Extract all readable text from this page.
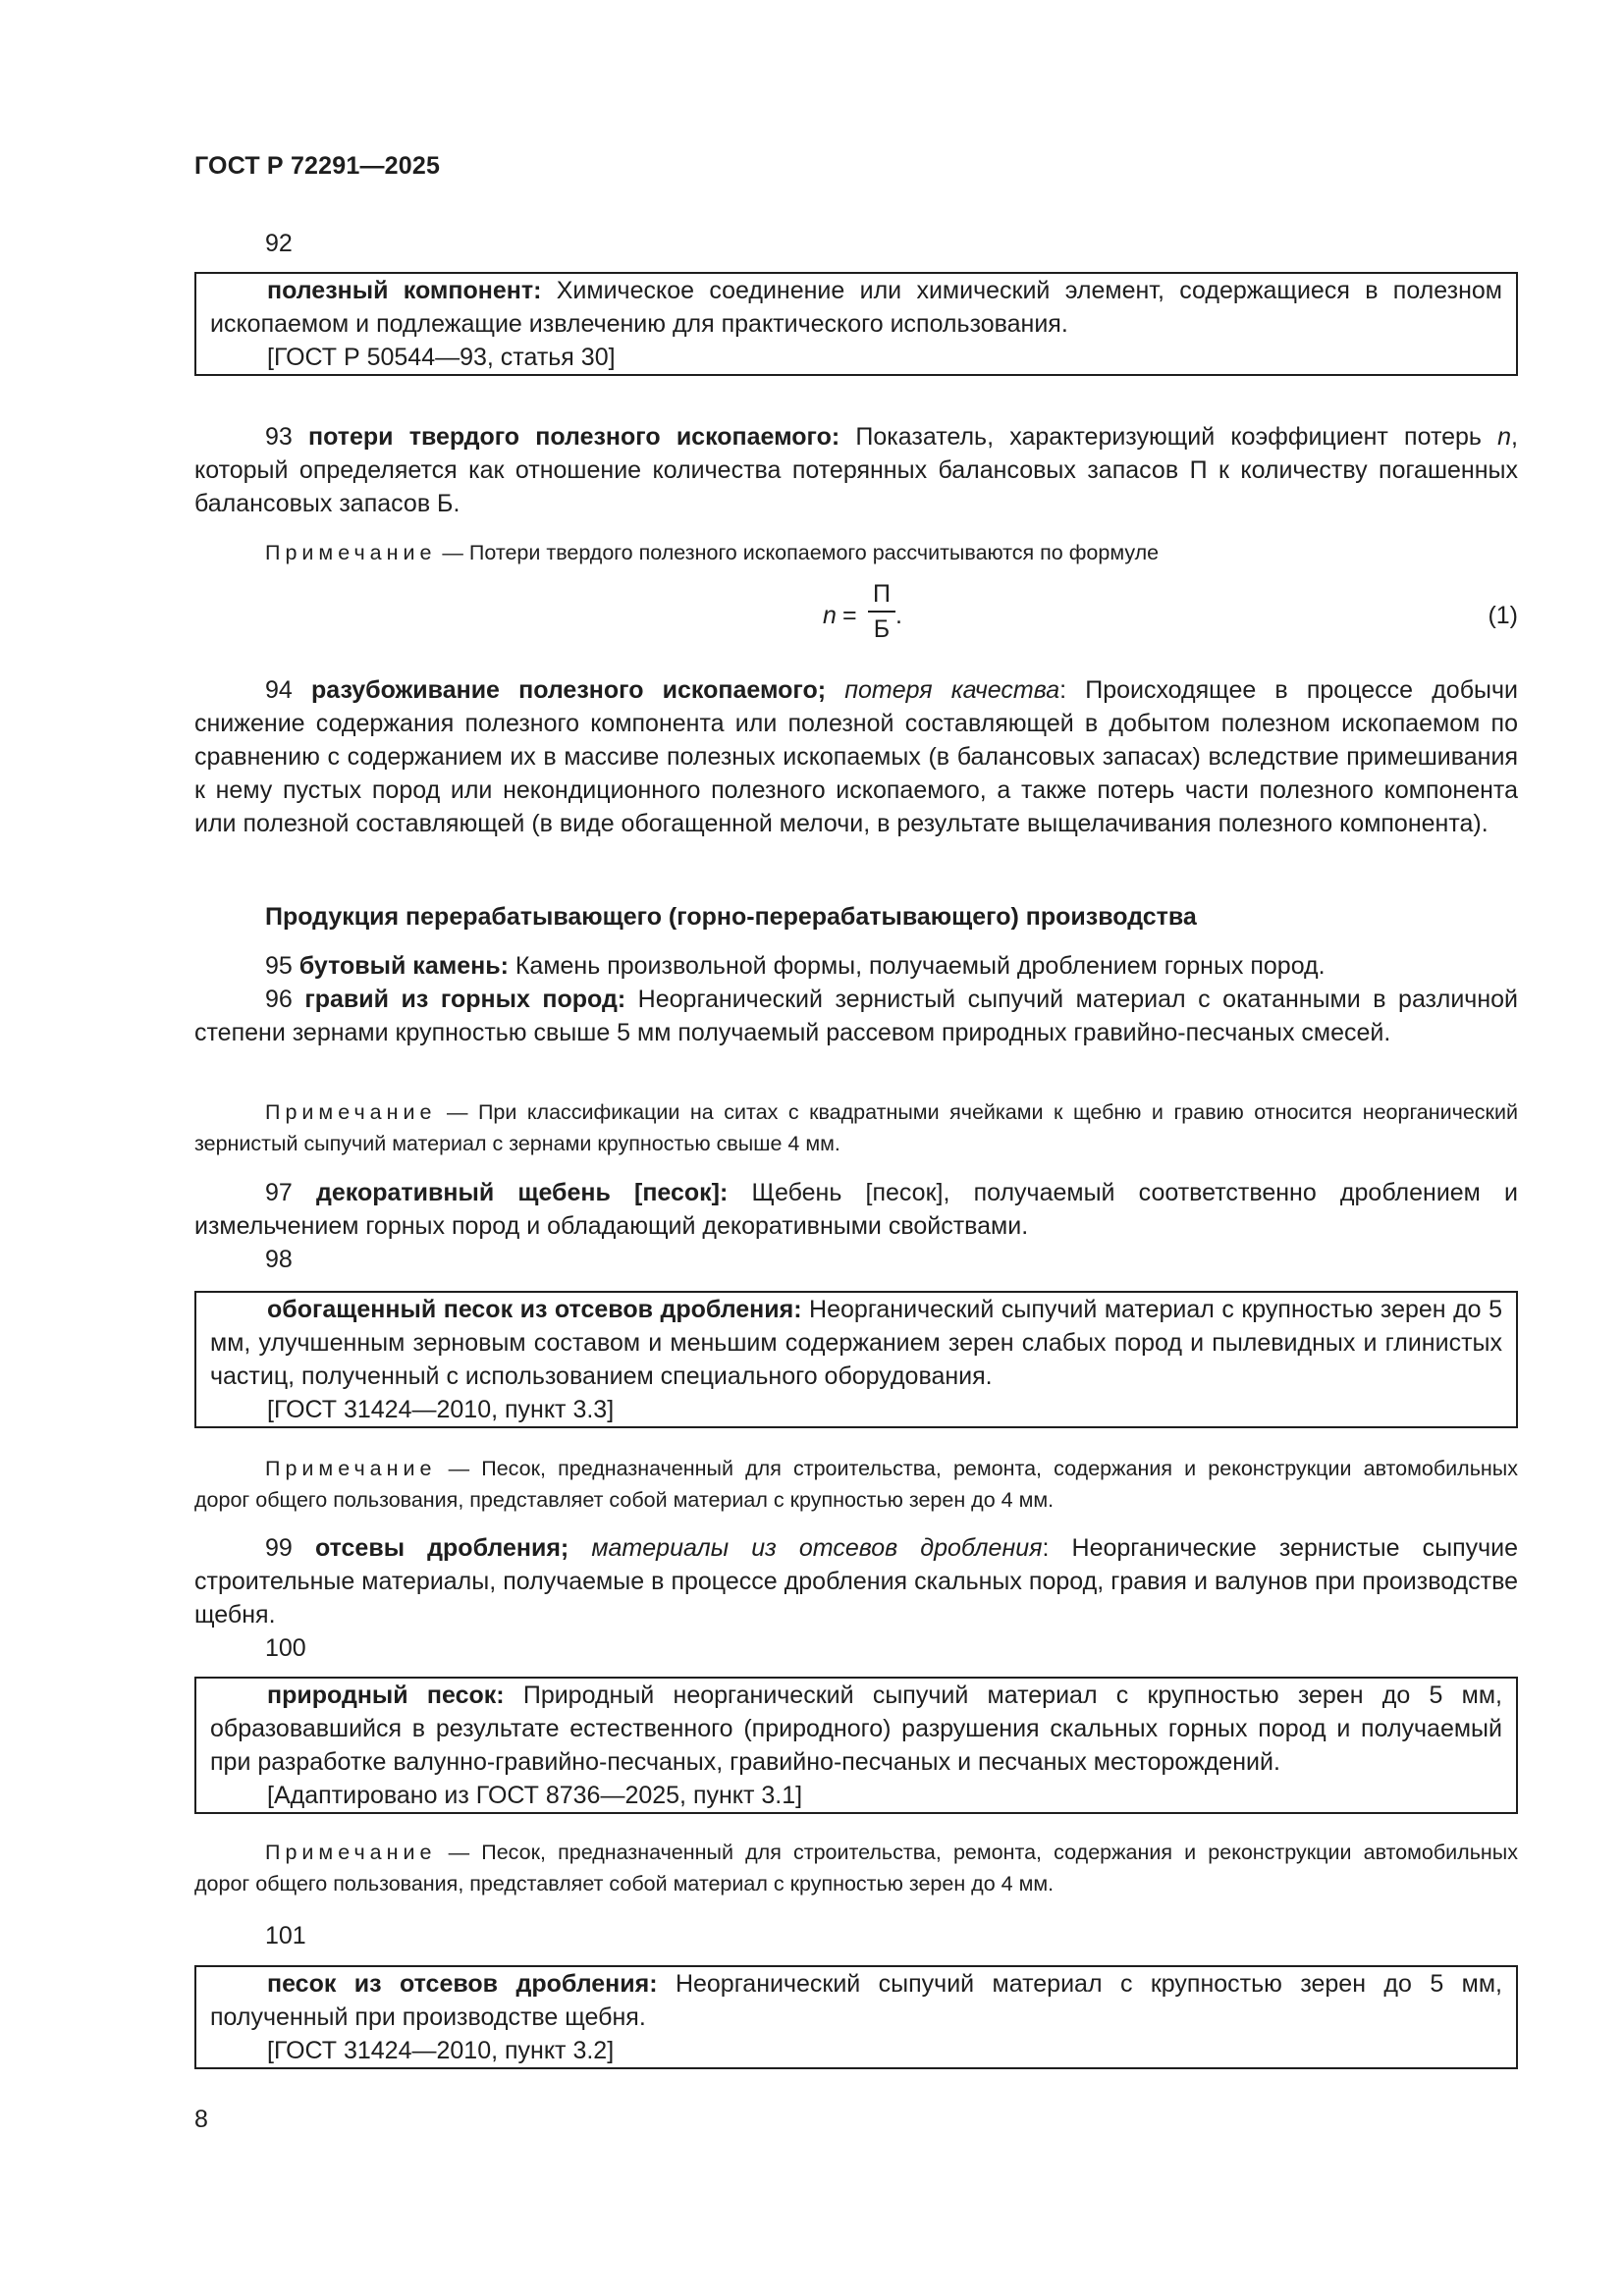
ГОСТ Р 72291—2025
92
полезный компонент: Химическое соединение или химический элемент, содержащиеся в полезном ископаемом и подлежащие извлечению для практического использования.
[ГОСТ Р 50544—93, статья 30]
93 потери твердого полезного ископаемого: Показатель, характеризующий коэффициент потерь n, который определяется как отношение количества потерянных балансовых запасов П к количеству погашенных балансовых запасов Б.
Примечание — Потери твердого полезного ископаемого рассчитываются по формуле
n =
П
Б .	(1)
94 разубоживание полезного ископаемого; потеря качества: Происходящее в процессе добычи снижение содержания полезного компонента или полезной составляющей в добытом полезном ископаемом по сравнению с содержанием их в массиве полезных ископаемых (в балансовых запасах) вследствие примешивания к нему пустых пород или некондиционного полезного ископаемого, а также потерь части полезного компонента или полезной составляющей (в виде обогащенной мелочи, в результате выщелачивания полезного компонента).
Продукция перерабатывающего (горно-перерабатывающего) производства
95 бутовый камень: Камень произвольной формы, получаемый дроблением горных пород.
96 гравий из горных пород: Неорганический зернистый сыпучий материал с окатанными в различной степени зернами крупностью свыше 5 мм получаемый рассевом природных гравийно-песчаных смесей.
Примечание — При классификации на ситах с квадратными ячейками к щебню и гравию относится неорганический зернистый сыпучий материал с зернами крупностью свыше 4 мм.
97 декоративный щебень [песок]: Щебень [песок], получаемый соответственно дроблением и измельчением горных пород и обладающий декоративными свойствами.
98
обогащенный песок из отсевов дробления: Неорганический сыпучий материал с крупностью зерен до 5 мм, улучшенным зерновым составом и меньшим содержанием зерен слабых пород и пылевидных и глинистых частиц, полученный с использованием специального оборудования.
[ГОСТ 31424—2010, пункт 3.3]
Примечание — Песок, предназначенный для строительства, ремонта, содержания и реконструкции автомобильных дорог общего пользования, представляет собой материал с крупностью зерен до 4 мм.
99 отсевы дробления; материалы из отсевов дробления: Неорганические зернистые сыпучие строительные материалы, получаемые в процессе дробления скальных пород, гравия и валунов при производстве щебня.
100
природный песок: Природный неорганический сыпучий материал с крупностью зерен до 5 мм, образовавшийся в результате естественного (природного) разрушения скальных горных пород и получаемый при разработке валунно-гравийно-песчаных, гравийно-песчаных и песчаных месторождений.
[Адаптировано из ГОСТ 8736—2025, пункт 3.1]
Примечание — Песок, предназначенный для строительства, ремонта, содержания и реконструкции автомобильных дорог общего пользования, представляет собой материал с крупностью зерен до 4 мм.
101
песок из отсевов дробления: Неорганический сыпучий материал с крупностью зерен до 5 мм, полученный при производстве щебня.
[ГОСТ 31424—2010, пункт 3.2]
8
